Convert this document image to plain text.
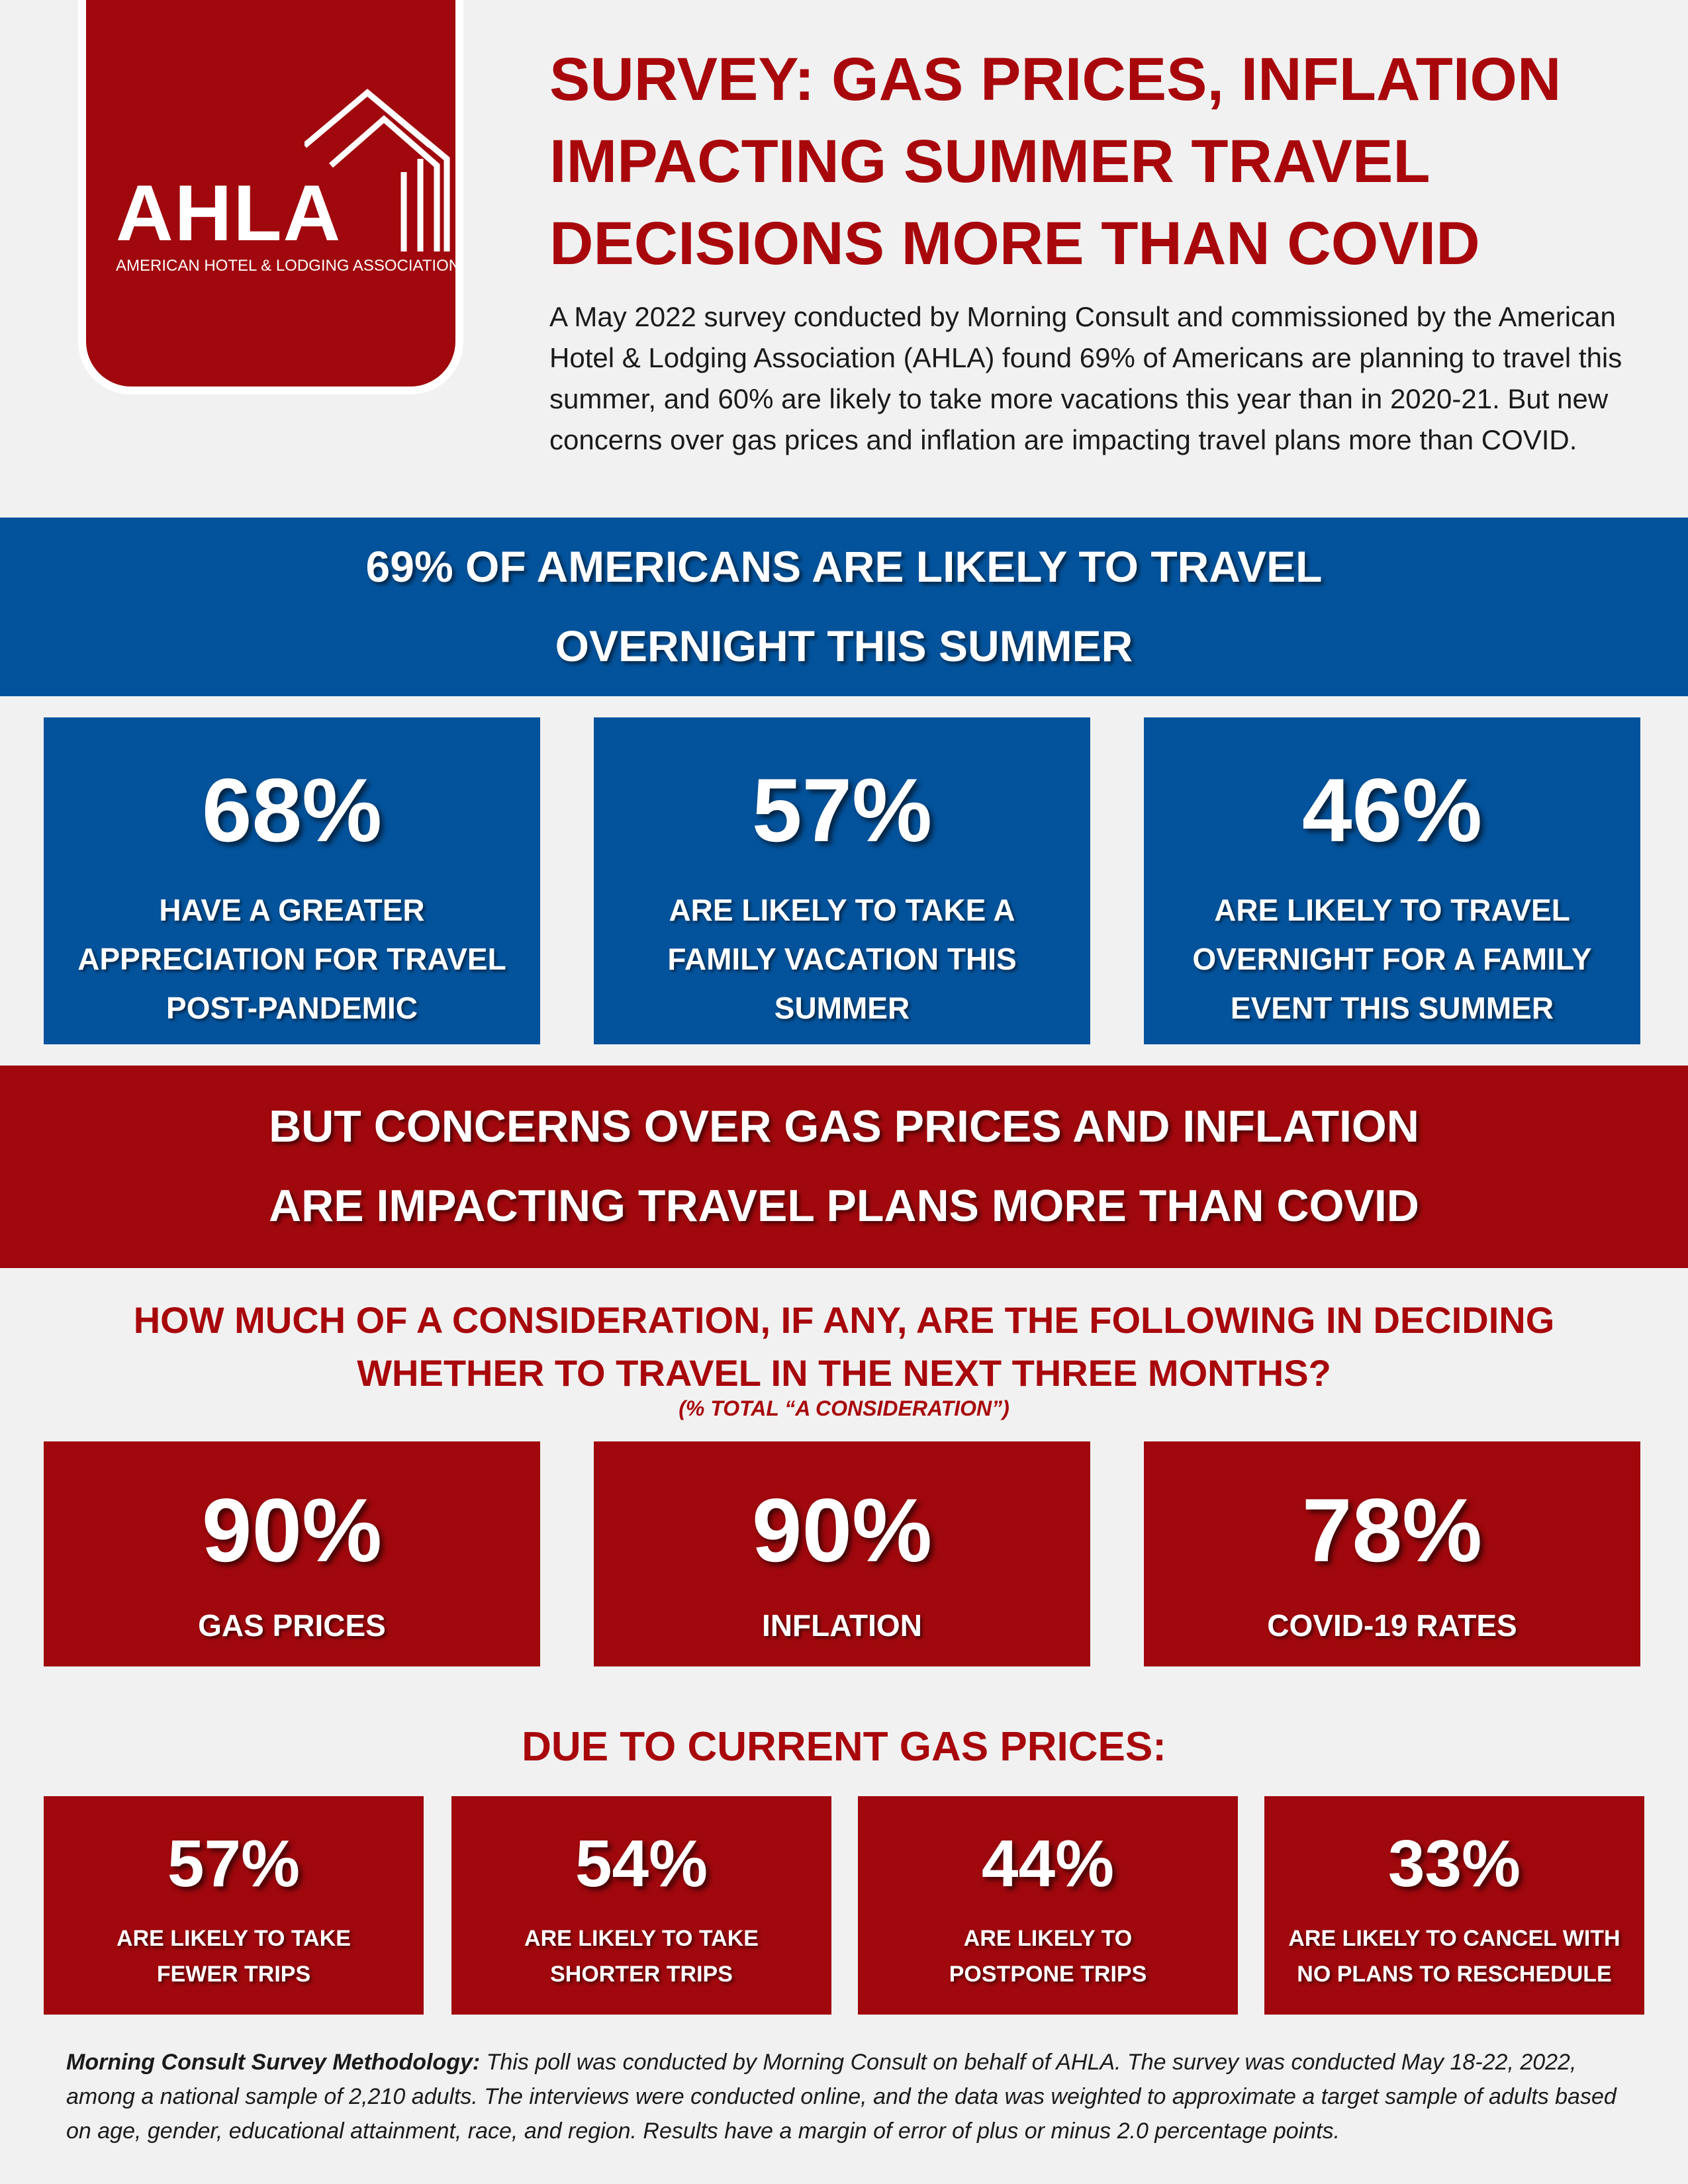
AHLA
AMERICAN HOTEL & LODGING ASSOCIATION
SURVEY: GAS PRICES, INFLATION IMPACTING SUMMER TRAVEL DECISIONS MORE THAN COVID

A May 2022 survey conducted by Morning Consult and commissioned by the American Hotel & Lodging Association (AHLA) found 69% of Americans are planning to travel this summer, and 60% are likely to take more vacations this year than in 2020-21. But new concerns over gas prices and inflation are impacting travel plans more than COVID.

69% OF AMERICANS ARE LIKELY TO TRAVEL
OVERNIGHT THIS SUMMER
68%
HAVE A GREATER APPRECIATION FOR TRAVEL POST-PANDEMIC
57%
ARE LIKELY TO TAKE A FAMILY VACATION THIS SUMMER
46%
ARE LIKELY TO TRAVEL OVERNIGHT FOR A FAMILY EVENT THIS SUMMER
BUT CONCERNS OVER GAS PRICES AND INFLATION
ARE IMPACTING TRAVEL PLANS MORE THAN COVID
HOW MUCH OF A CONSIDERATION, IF ANY, ARE THE FOLLOWING IN DECIDING
WHETHER TO TRAVEL IN THE NEXT THREE MONTHS?
(% TOTAL “A CONSIDERATION”)
90%
GAS PRICES
90%
INFLATION
78%
COVID-19 RATES
DUE TO CURRENT GAS PRICES:
57%
ARE LIKELY TO TAKE
FEWER TRIPS
54%
ARE LIKELY TO TAKE
SHORTER TRIPS
44%
ARE LIKELY TO
POSTPONE TRIPS
33%
ARE LIKELY TO CANCEL WITH
NO PLANS TO RESCHEDULE

Morning Consult Survey Methodology: This poll was conducted by Morning Consult on behalf of AHLA. The survey was conducted May 18-22, 2022, among a national sample of 2,210 adults. The interviews were conducted online, and the data was weighted to approximate a target sample of adults based on age, gender, educational attainment, race, and region. Results have a margin of error of plus or minus 2.0 percentage points.
